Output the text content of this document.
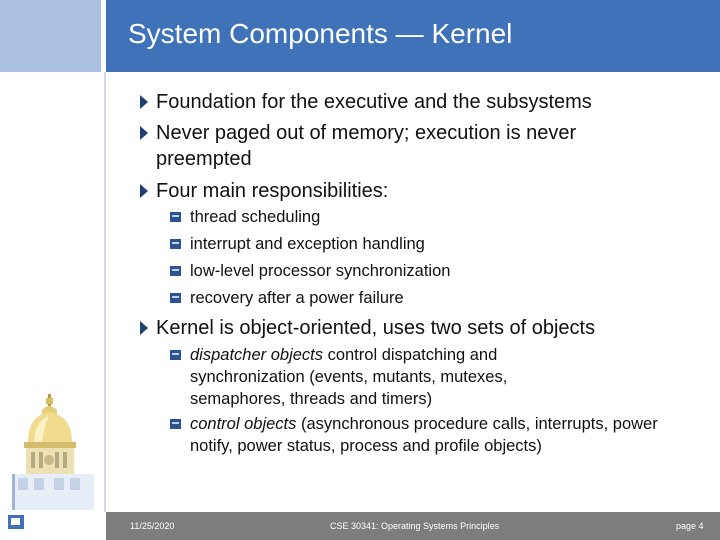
System Components — Kernel
Foundation for the executive and the subsystems
Never paged out of memory; execution is never preempted
Four main responsibilities:
thread scheduling
interrupt and exception handling
low-level processor synchronization
recovery after a power failure
Kernel is object-oriented, uses two sets of objects
dispatcher objects control dispatching and synchronization (events, mutants, mutexes, semaphores, threads and timers)
control objects (asynchronous procedure calls, interrupts, power notify, power status, process and profile objects)
11/25/2020	CSE 30341: Operating Systems Principles	page 4
